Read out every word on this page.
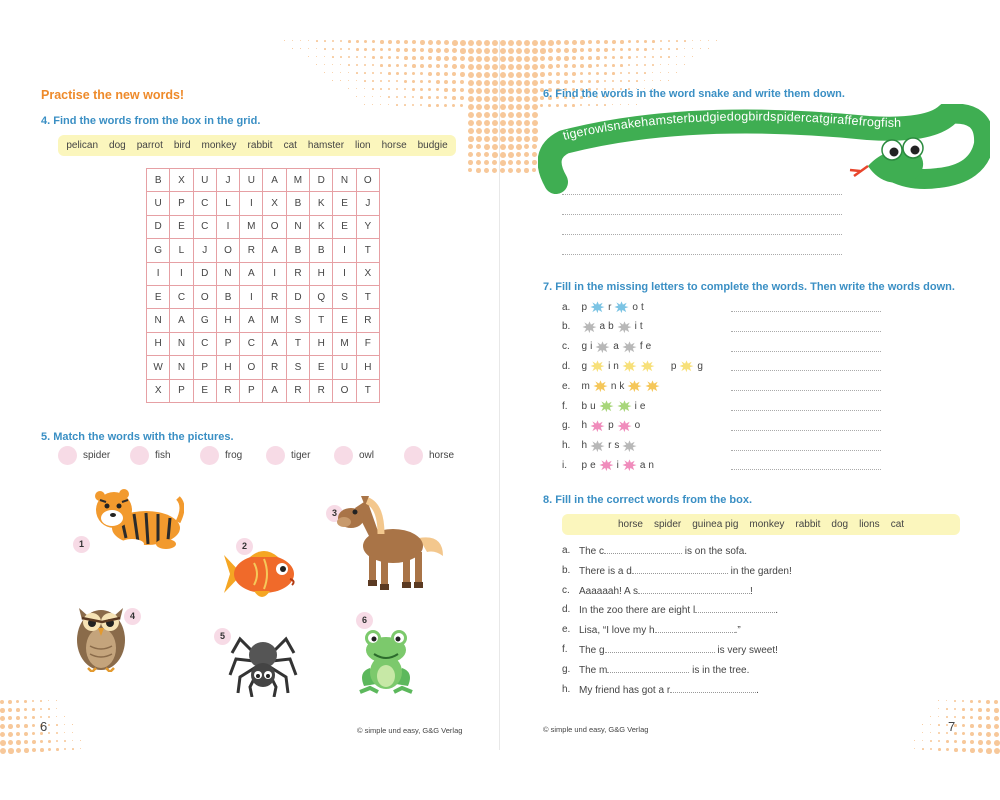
Practise the new words!
4. Find the words from the box in the grid.
pelican dog parrot bird monkey rabbit cat hamster lion horse budgie
B	X	U	J	U	A	M	D	N	O
U	P	C	L	I	X	B	K	E	J
D	E	C	I	M	O	N	K	E	Y
G	L	J	O	R	A	B	B	I	T
I	I	D	N	A	I	R	H	I	X
E	C	O	B	I	R	D	Q	S	T
N	A	G	H	A	M	S	T	E	R
H	N	C	P	C	A	T	H	M	F
W	N	P	H	O	R	S	E	U	H
X	P	E	R	P	A	R	R	O	T
5. Match the words with the pictures.
spider	fish	frog	tiger	owl	horse
1	2
3
4
5
6
6	© simple und easy, G&G Verlag
6. Find the words in the word snake and write them down.
tigerowlsnakehamsterbudgiedogbirdspidercatgiraffefrogfish
7. Fill in the missing letters to complete the words. Then write the words down.
a.	p r o t
b.	a b i t
c.	g i a f e
d.	g i n	p g
e.	m n k
f.	b u	i e
g.	h p o
h.	h r s
i.	p e i a n
8. Fill in the correct words from the box.
horse spider guinea pig monkey rabbit dog lions cat
a. The c	is on the sofa.
b. There is a d	in the garden!
c. Aaaaaah! A s	!
d. In the zoo there are eight l	.
e. Lisa, “I love my h	.”
f.	The g	is very sweet!
g. The m	is in the tree.
h. My friend has got a r	.
© simple und easy, G&G Verlag	7
